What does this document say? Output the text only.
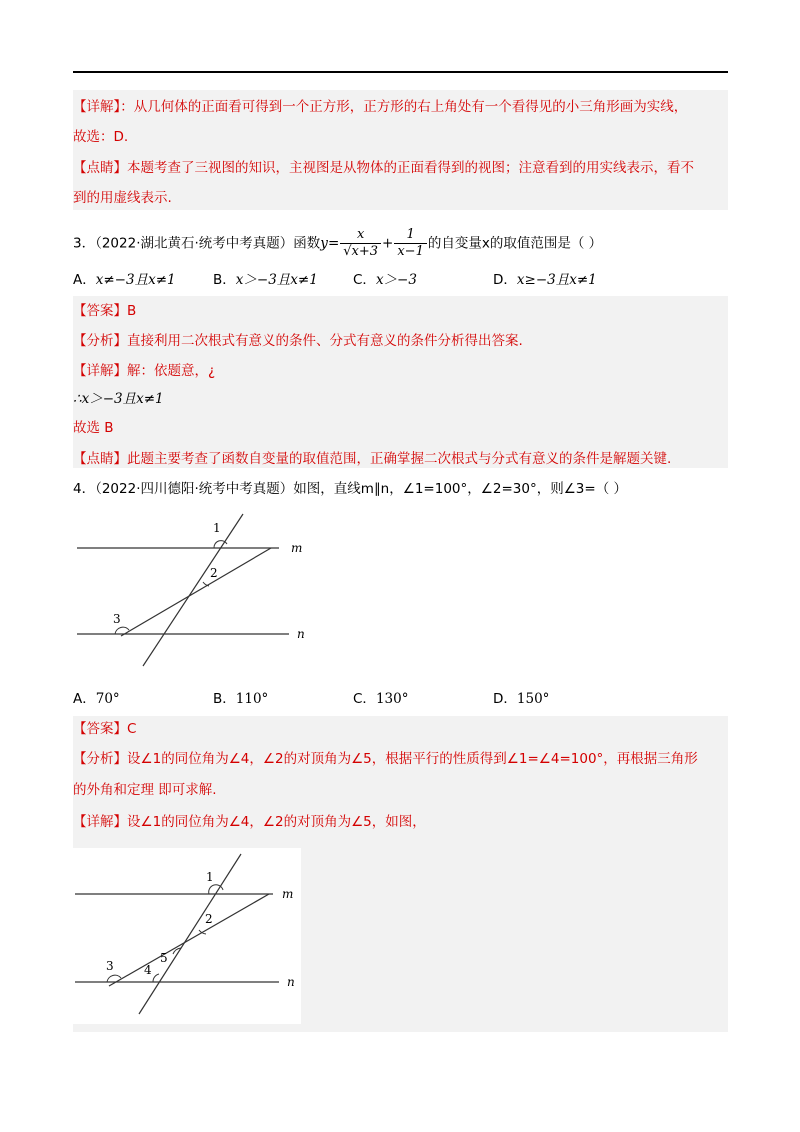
【详解】：从几何体的正面看可得到一个正方形，正方形的右上角处有一个看得见的小三角形画为实线，
故选：D.
【点睛】本题考查了三视图的知识，主视图是从物体的正面看得到的视图；注意看到的用实线表示，看不
到的用虚线表示.
3．（2022·湖北黄石·统考中考真题）函数$y= \frac{x}{√x+3} + \frac{1}{x-1}$ 的自变量x的取值范围是（ ）
A．x≠−3且x≠1	B．x＞−3且x≠1	C．x＞−3	D．x≥−3且x≠1
【答案】B
【分析】直接利用二次根式有意义的条件、分式有意义的条件分析得出答案.
【详解】解：依题意，¿
∴x＞−3且x≠1
故选 B
【点睛】此题主要考查了函数自变量的取值范围，正确掌握二次根式与分式有意义的条件是解题关键.
4．（2022·四川德阳·统考中考真题）如图，直线m∥n，∠1=100°，∠2=30°，则∠3=（ ）
1
2
3
m
n
A．70°	B．110°	C．130°	D．150°
【答案】C
【分析】设∠1的同位角为∠4，∠2的对顶角为∠5，根据平行的性质得到∠1=∠4=100°，再根据三角形
的外角和定理 即可求解.
【详解】设∠1的同位角为∠4，∠2的对顶角为∠5，如图，
1
2
3	4
5
m
n
